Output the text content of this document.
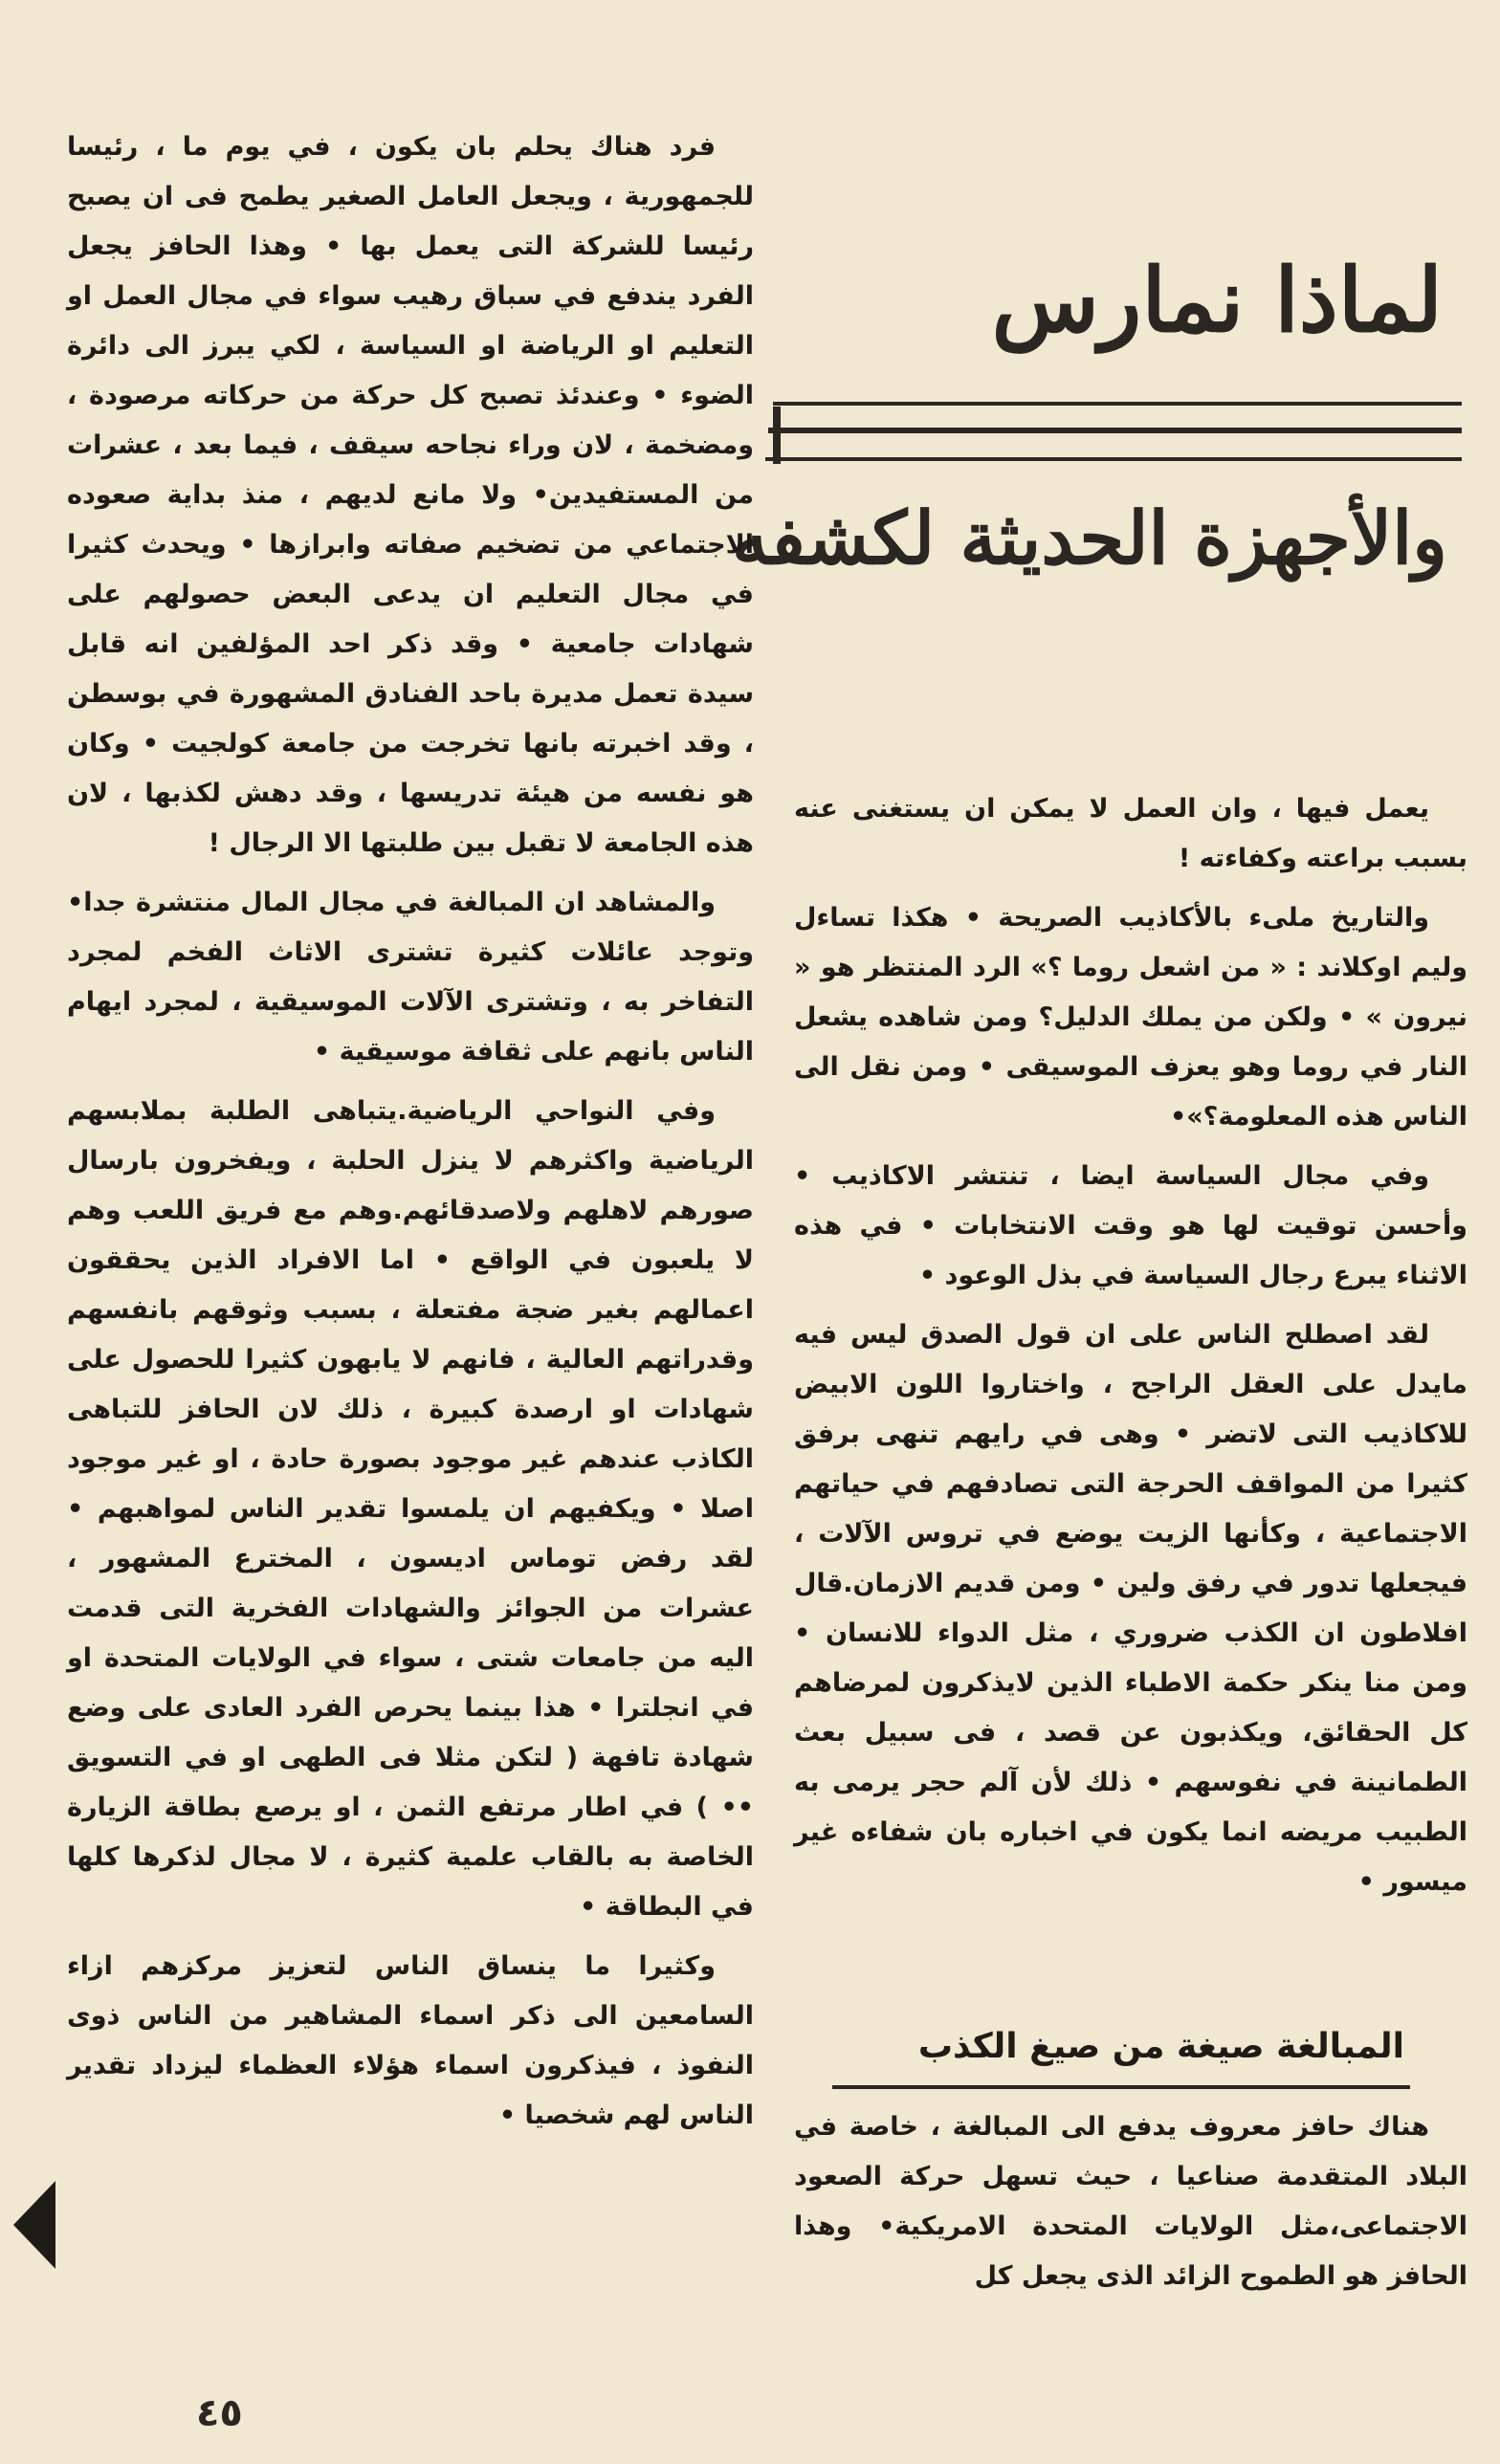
لماذا نمارس
والأجهزة الحديثة لكشفه

يعمل فيها ، وان العمل لا يمكن ان يستغنى عنه بسبب براعته وكفاءته !

والتاريخ ملىء بالأكاذيب الصريحة • هكذا تساءل وليم اوكلاند : « من اشعل روما ؟» الرد المنتظر هو « نيرون » • ولكن من يملك الدليل؟ ومن شاهده يشعل النار في روما وهو يعزف الموسيقى • ومن نقل الى الناس هذه المعلومة؟»•

وفي مجال السياسة ايضا ، تنتشر الاكاذيب • وأحسن توقيت لها هو وقت الانتخابات • في هذه الاثناء يبرع رجال السياسة في بذل الوعود •

لقد اصطلح الناس على ان قول الصدق ليس فيه مايدل على العقل الراجح ، واختاروا اللون الابيض للاكاذيب التى لاتضر • وهى في رايهم تنهى برفق كثيرا من المواقف الحرجة التى تصادفهم في حياتهم الاجتماعية ، وكأنها الزيت يوضع في تروس الآلات ، فيجعلها تدور في رفق ولين • ومن قديم الازمان.قال افلاطون ان الكذب ضروري ، مثل الدواء للانسان • ومن منا ينكر حكمة الاطباء الذين لايذكرون لمرضاهم كل الحقائق، ويكذبون عن قصد ، فى سبيل بعث الطمانينة في نفوسهم • ذلك لأن آلم حجر يرمى به الطبيب مريضه انما يكون في اخباره بان شفاءه غير ميسور •

المبالغة صيغة من صيغ الكذب

هناك حافز معروف يدفع الى المبالغة ، خاصة في البلاد المتقدمة صناعيا ، حيث تسهل حركة الصعود الاجتماعى،مثل الولايات المتحدة الامريكية• وهذا الحافز هو الطموح الزائد الذى يجعل كل

فرد هناك يحلم بان يكون ، في يوم ما ، رئيسا للجمهورية ، ويجعل العامل الصغير يطمح فى ان يصبح رئيسا للشركة التى يعمل بها • وهذا الحافز يجعل الفرد يندفع في سباق رهيب سواء في مجال العمل او التعليم او الرياضة او السياسة ، لكي يبرز الى دائرة الضوء • وعندئذ تصبح كل حركة من حركاته مرصودة ، ومضخمة ، لان وراء نجاحه سيقف ، فيما بعد ، عشرات من المستفيدين• ولا مانع لديهم ، منذ بداية صعوده الاجتماعي من تضخيم صفاته وابرازها • ويحدث كثيرا في مجال التعليم ان يدعى البعض حصولهم على شهادات جامعية • وقد ذكر احد المؤلفين انه قابل سيدة تعمل مديرة باحد الفنادق المشهورة في بوسطن ، وقد اخبرته بانها تخرجت من جامعة كولجيت • وكان هو نفسه من هيئة تدريسها ، وقد دهش لكذبها ، لان هذه الجامعة لا تقبل بين طلبتها الا الرجال !

والمشاهد ان المبالغة في مجال المال منتشرة جدا• وتوجد عائلات كثيرة تشترى الاثاث الفخم لمجرد التفاخر به ، وتشترى الآلات الموسيقية ، لمجرد ايهام الناس بانهم على ثقافة موسيقية •

وفي النواحي الرياضية.يتباهى الطلبة بملابسهم الرياضية واكثرهم لا ينزل الحلبة ، ويفخرون بارسال صورهم لاهلهم ولاصدقائهم.وهم مع فريق اللعب وهم لا يلعبون في الواقع • اما الافراد الذين يحققون اعمالهم بغير ضجة مفتعلة ، بسبب وثوقهم بانفسهم وقدراتهم العالية ، فانهم لا يابهون كثيرا للحصول على شهادات او ارصدة كبيرة ، ذلك لان الحافز للتباهى الكاذب عندهم غير موجود بصورة حادة ، او غير موجود اصلا • ويكفيهم ان يلمسوا تقدير الناس لمواهبهم • لقد رفض توماس اديسون ، المخترع المشهور ، عشرات من الجوائز والشهادات الفخرية التى قدمت اليه من جامعات شتى ، سواء في الولايات المتحدة او في انجلترا • هذا بينما يحرص الفرد العادى على وضع شهادة تافهة ( لتكن مثلا فى الطهى او في التسويق •• ) في اطار مرتفع الثمن ، او يرصع بطاقة الزيارة الخاصة به بالقاب علمية كثيرة ، لا مجال لذكرها كلها في البطاقة •

وكثيرا ما ينساق الناس لتعزيز مركزهم ازاء السامعين الى ذكر اسماء المشاهير من الناس ذوى النفوذ ، فيذكرون اسماء هؤلاء العظماء ليزداد تقدير الناس لهم شخصيا •

٤٥
